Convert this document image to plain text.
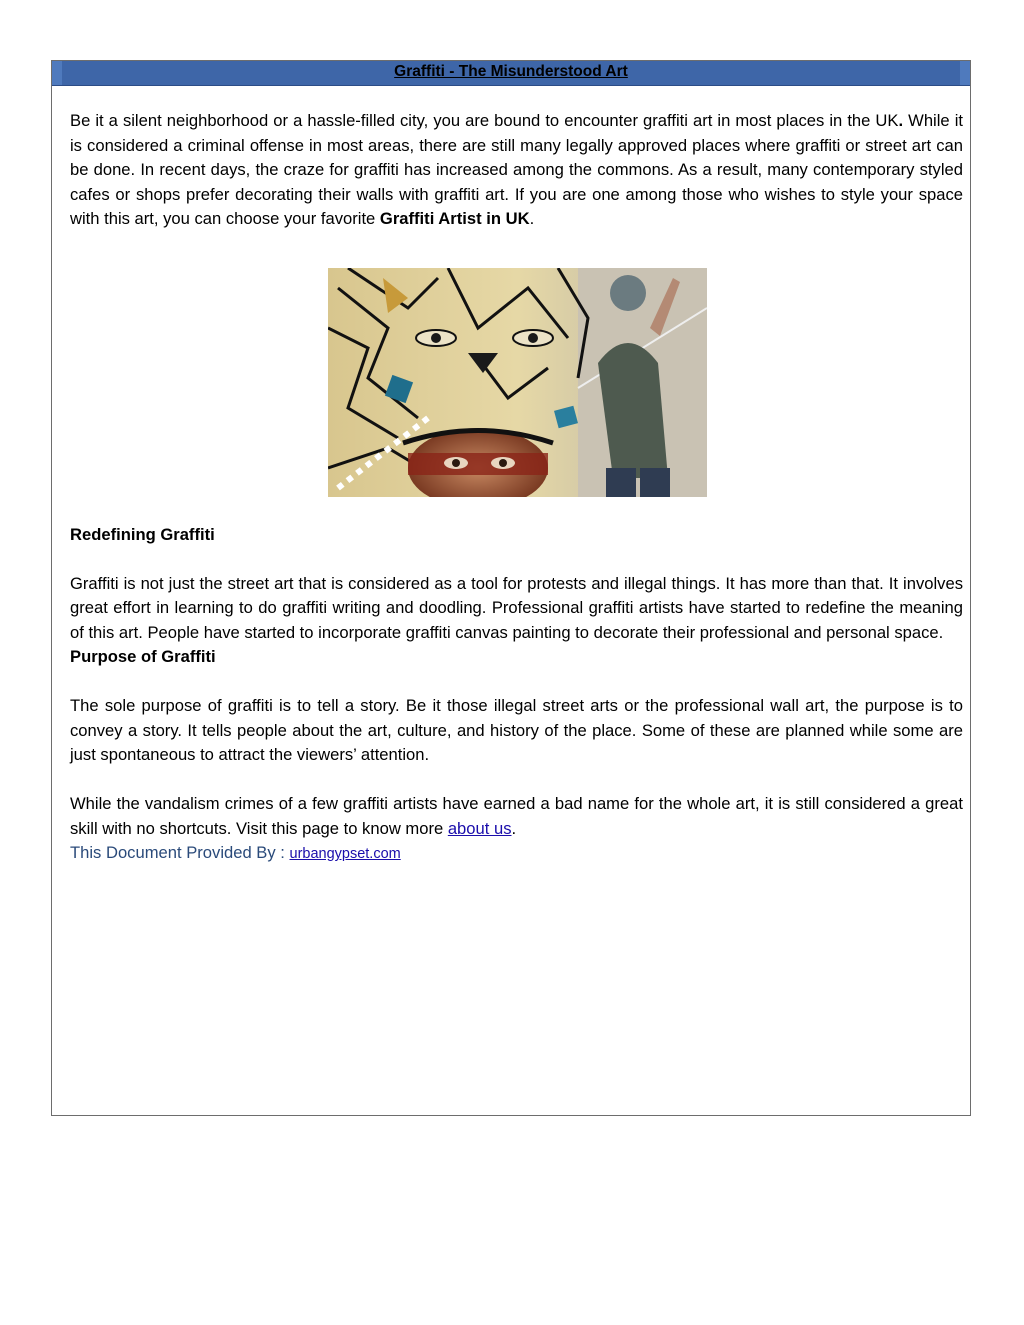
Graffiti - The Misunderstood Art

Be it a silent neighborhood or a hassle-filled city, you are bound to encounter graffiti art in most places in the UK. While it is considered a criminal offense in most areas, there are still many legally approved places where graffiti or street art can be done. In recent days, the craze for graffiti has increased among the commons. As a result, many contemporary styled cafes or shops prefer decorating their walls with graffiti art. If you are one among those who wishes to style your space with this art, you can choose your favorite Graffiti Artist in UK.

Redefining Graffiti

Graffiti is not just the street art that is considered as a tool for protests and illegal things. It has more than that. It involves great effort in learning to do graffiti writing and doodling. Professional graffiti artists have started to redefine the meaning of this art. People have started to incorporate graffiti canvas painting to decorate their professional and personal space.

Purpose of Graffiti

The sole purpose of graffiti is to tell a story. Be it those illegal street arts or the professional wall art, the purpose is to convey a story. It tells people about the art, culture, and history of the place. Some of these are planned while some are just spontaneous to attract the viewers’ attention.

While the vandalism crimes of a few graffiti artists have earned a bad name for the whole art, it is still considered a great skill with no shortcuts. Visit this page to know more about us.

This Document Provided By : urbangypset.com
